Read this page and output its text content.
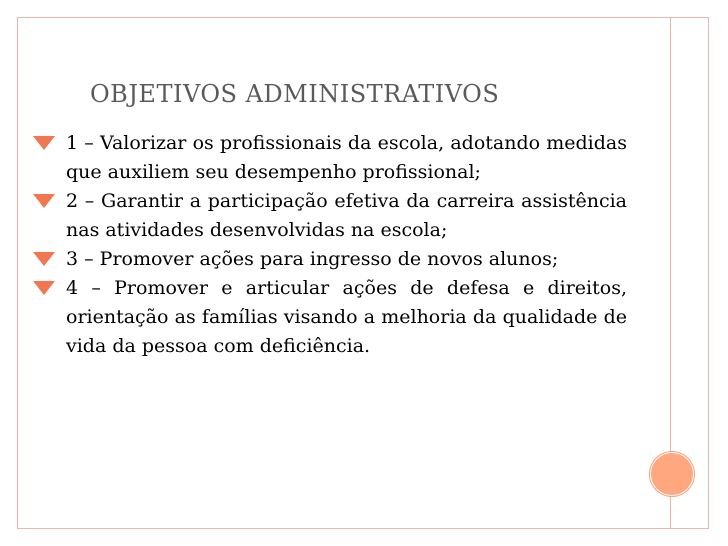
OBJETIVOS ADMINISTRATIVOS
1 – Valorizar os profissionais da escola, adotando medidas que auxiliem seu desempenho profissional;
2 – Garantir a participação efetiva da carreira assistência nas atividades desenvolvidas na escola;
3 – Promover ações para ingresso de novos alunos;
4 – Promover e articular ações de defesa e direitos, orientação as famílias visando a melhoria da qualidade de vida da pessoa com deficiência.
